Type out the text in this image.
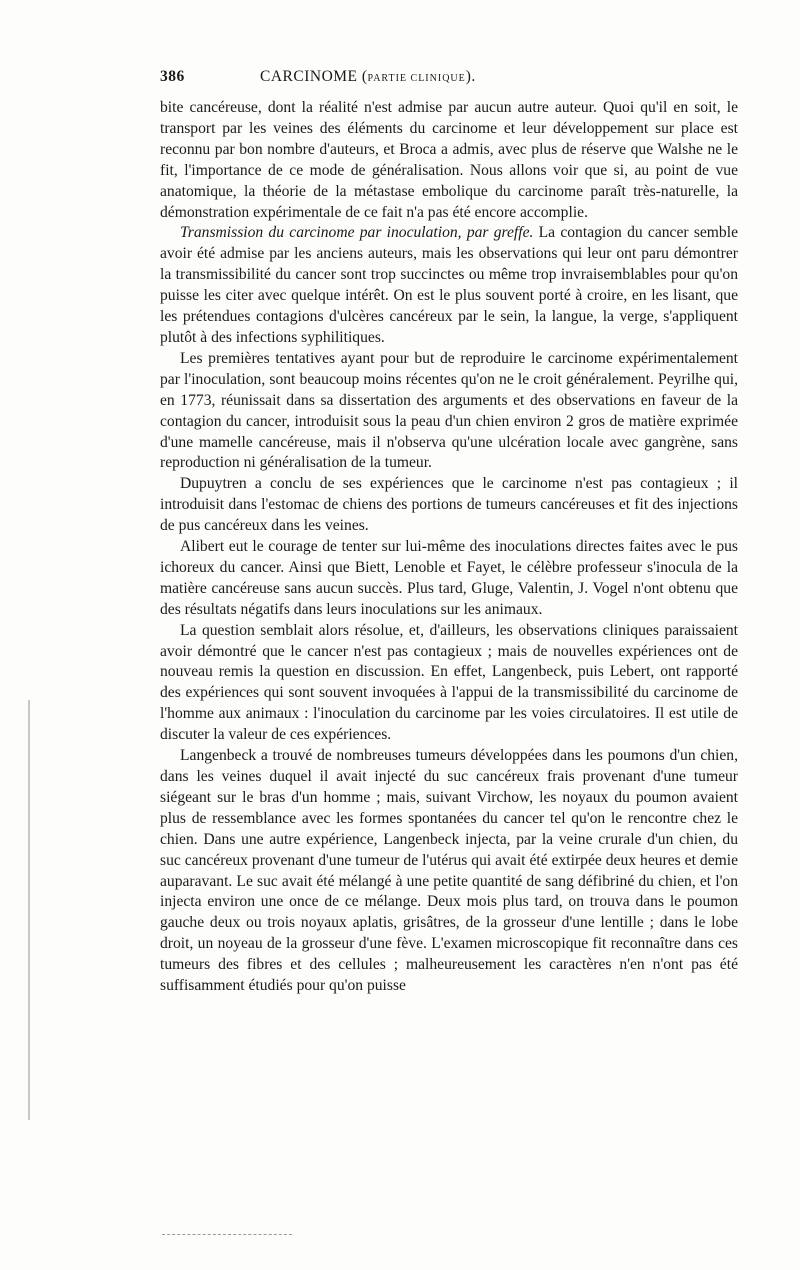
386	CARCINOME (PARTIE CLINIQUE).

bite cancéreuse, dont la réalité n'est admise par aucun autre auteur. Quoi qu'il en soit, le transport par les veines des éléments du carcinome et leur développement sur place est reconnu par bon nombre d'auteurs, et Broca a admis, avec plus de réserve que Walshe ne le fit, l'importance de ce mode de généralisation. Nous allons voir que si, au point de vue anatomique, la théorie de la métastase embolique du carcinome paraît très-naturelle, la démonstration expérimentale de ce fait n'a pas été encore accomplie.

Transmission du carcinome par inoculation, par greffe. La contagion du cancer semble avoir été admise par les anciens auteurs, mais les observations qui leur ont paru démontrer la transmissibilité du cancer sont trop succinctes ou même trop invraisemblables pour qu'on puisse les citer avec quelque intérêt. On est le plus souvent porté à croire, en les lisant, que les prétendues contagions d'ulcères cancéreux par le sein, la langue, la verge, s'appliquent plutôt à des infections syphilitiques.

Les premières tentatives ayant pour but de reproduire le carcinome expérimentalement par l'inoculation, sont beaucoup moins récentes qu'on ne le croit généralement. Peyrilhe qui, en 1773, réunissait dans sa dissertation des arguments et des observations en faveur de la contagion du cancer, introduisit sous la peau d'un chien environ 2 gros de matière exprimée d'une mamelle cancéreuse, mais il n'observa qu'une ulcération locale avec gangrène, sans reproduction ni généralisation de la tumeur.

Dupuytren a conclu de ses expériences que le carcinome n'est pas contagieux ; il introduisit dans l'estomac de chiens des portions de tumeurs cancéreuses et fit des injections de pus cancéreux dans les veines.

Alibert eut le courage de tenter sur lui-même des inoculations directes faites avec le pus ichoreux du cancer. Ainsi que Biett, Lenoble et Fayet, le célèbre professeur s'inocula de la matière cancéreuse sans aucun succès. Plus tard, Gluge, Valentin, J. Vogel n'ont obtenu que des résultats négatifs dans leurs inoculations sur les animaux.

La question semblait alors résolue, et, d'ailleurs, les observations cliniques paraissaient avoir démontré que le cancer n'est pas contagieux ; mais de nouvelles expériences ont de nouveau remis la question en discussion. En effet, Langenbeck, puis Lebert, ont rapporté des expériences qui sont souvent invoquées à l'appui de la transmissibilité du carcinome de l'homme aux animaux : l'inoculation du carcinome par les voies circulatoires. Il est utile de discuter la valeur de ces expériences.

Langenbeck a trouvé de nombreuses tumeurs développées dans les poumons d'un chien, dans les veines duquel il avait injecté du suc cancéreux frais provenant d'une tumeur siégeant sur le bras d'un homme ; mais, suivant Virchow, les noyaux du poumon avaient plus de ressemblance avec les formes spontanées du cancer tel qu'on le rencontre chez le chien. Dans une autre expérience, Langenbeck injecta, par la veine crurale d'un chien, du suc cancéreux provenant d'une tumeur de l'utérus qui avait été extirpée deux heures et demie auparavant. Le suc avait été mélangé à une petite quantité de sang défibriné du chien, et l'on injecta environ une once de ce mélange. Deux mois plus tard, on trouva dans le poumon gauche deux ou trois noyaux aplatis, grisâtres, de la grosseur d'une lentille ; dans le lobe droit, un noyeau de la grosseur d'une fève. L'examen microscopique fit reconnaître dans ces tumeurs des fibres et des cellules ; malheureusement les caractères n'en n'ont pas été suffisamment étudiés pour qu'on puisse
